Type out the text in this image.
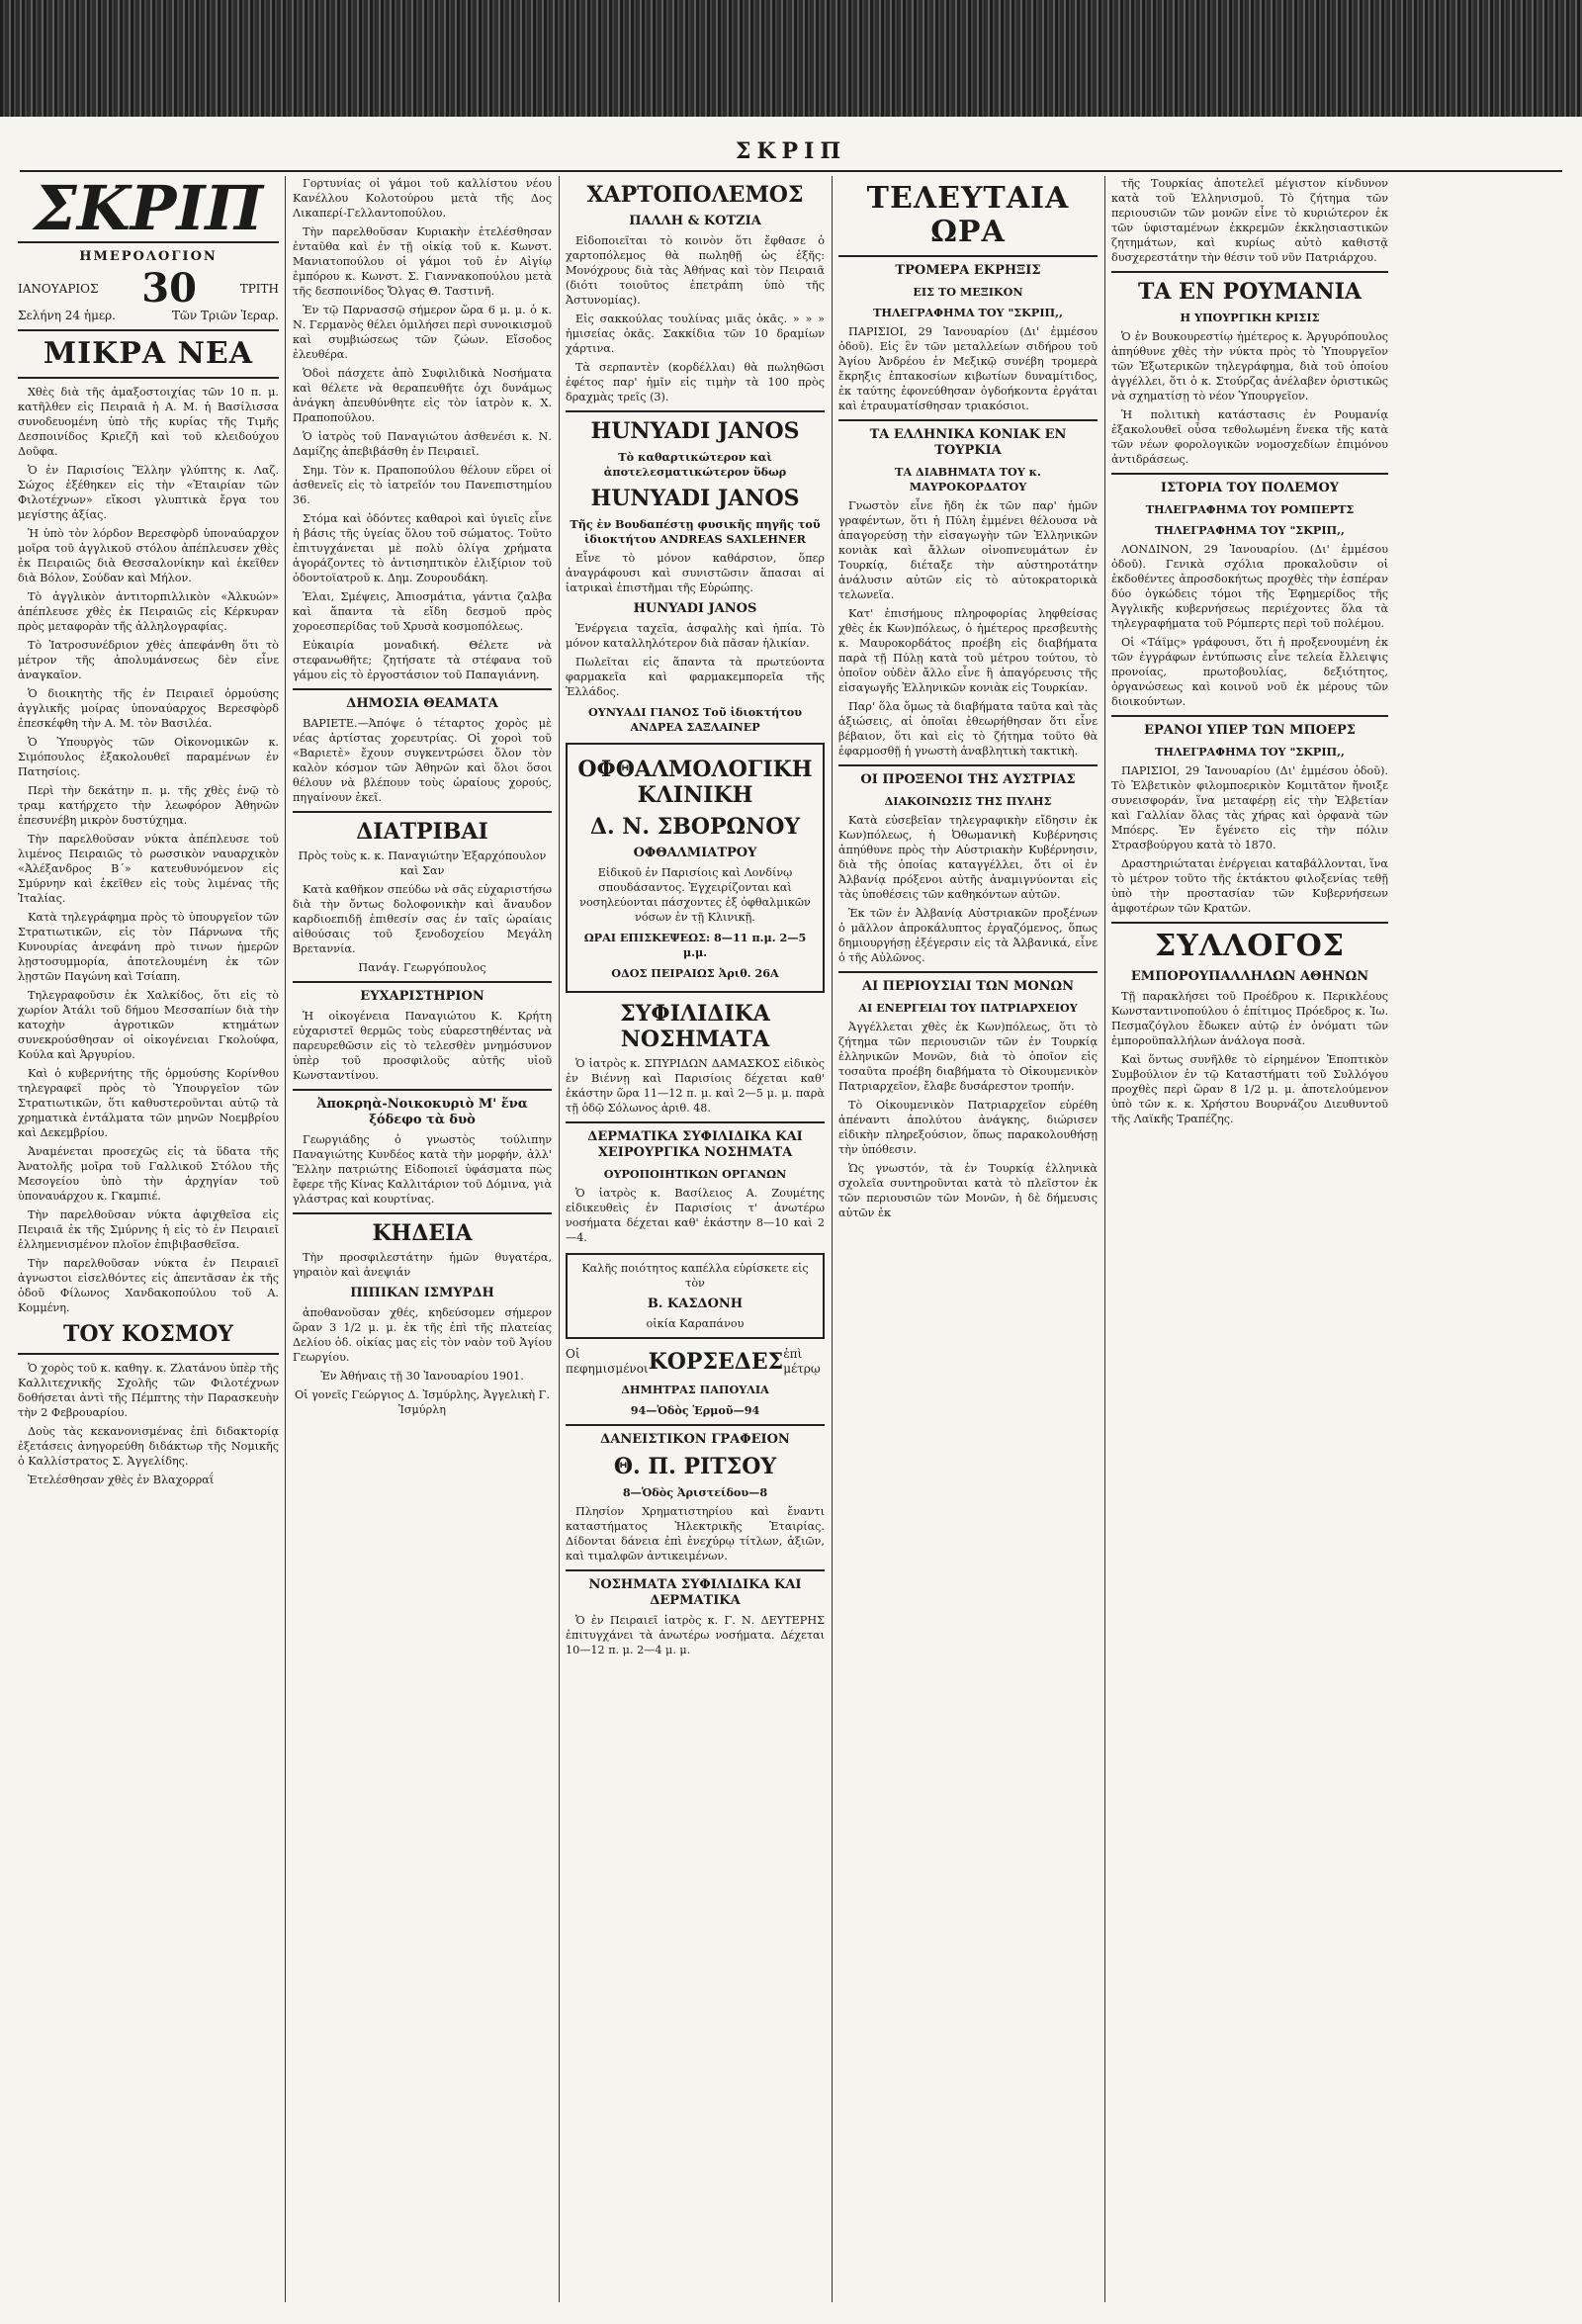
ΣΚΡΙΠ
ΣΚΡΙΠ
ΗΜΕΡΟΛΟΓΙΟΝ
ΙΑΝΟΥΑΡΙΟΣ 30	ΤΡΙΤΗ
Σελήνη 24 ἡμερ.	Τῶν Τριῶν Ἱεραρ.
ΜΙΚΡΑ ΝΕΑ

Χθὲς διὰ τῆς ἀμαξοστοιχίας τῶν 10 π. μ. κατῆλθεν εἰς Πειραιᾶ ἡ Α. Μ. ἡ Βασίλισσα συνοδευομένη ὑπὸ τῆς κυρίας τῆς Τιμῆς Δεσποινίδος Κριεζῆ καὶ τοῦ κλειδούχου Δοῦφα.

Ὁ ἐν Παρισίοις Ἕλλην γλύπτης κ. Λαζ. Σώχος ἐξέθηκεν εἰς τὴν «Ἑταιρίαν τῶν Φιλοτέχνων» εἴκοσι γλυπτικὰ ἔργα του μεγίστης ἀξίας.

Ἡ ὑπὸ τὸν λόρδον Βερεσφὸρδ ὑποναύαρχον μοῖρα τοῦ ἀγγλικοῦ στόλου ἀπέπλευσεν χθὲς ἐκ Πειραιῶς διὰ Θεσσαλονίκην καὶ ἐκεῖθεν διὰ Βόλον, Σούδαν καὶ Μήλον.

Τὸ ἀγγλικὸν ἀντιτορπιλλικὸν «Ἀλκυών» ἀπέπλευσε χθὲς ἐκ Πειραιῶς εἰς Κέρκυραν πρὸς μεταφορὰν τῆς ἀλληλογραφίας.

Τὸ Ἰατροσυνέδριον χθὲς ἀπεφάνθη ὅτι τὸ μέτρον τῆς ἀπολυμάνσεως δὲν εἶνε ἀναγκαῖον.

Ὁ διοικητὴς τῆς ἐν Πειραιεῖ ὁρμούσης ἀγγλικῆς μοίρας ὑποναύαρχος Βερεσφὸρδ ἐπεσκέφθη τὴν Α. Μ. τὸν Βασιλέα.

Ὁ Ὑπουργὸς τῶν Οἰκονομικῶν κ. Σιμόπουλος ἐξακολουθεῖ παραμένων ἐν Πατησίοις.

Περὶ τὴν δεκάτην π. μ. τῆς χθὲς ἐνῷ τὸ τραμ κατήρχετο τὴν λεωφόρον Ἀθηνῶν ἐπεσυνέβη μικρὸν δυστύχημα.

Τὴν παρελθοῦσαν νύκτα ἀπέπλευσε τοῦ λιμένος Πειραιῶς τὸ ρωσσικὸν ναυαρχικὸν «Ἀλέξανδρος Β΄» κατευθυνόμενον εἰς Σμύρνην καὶ ἐκεῖθεν εἰς τοὺς λιμένας τῆς Ἰταλίας.

Κατὰ τηλεγράφημα πρὸς τὸ ὑπουργεῖον τῶν Στρατιωτικῶν, εἰς τὸν Πάρνωνα τῆς Κυνουρίας ἀνεφάνη πρὸ τινων ἡμερῶν λῃστοσυμμορία, ἀποτελουμένη ἐκ τῶν λῃστῶν Παγώνη καὶ Τσίαπη.

Τηλεγραφοῦσιν ἐκ Χαλκίδος, ὅτι εἰς τὸ χωρίον Ἀτάλι τοῦ δήμου Μεσσαπίων διὰ τὴν κατοχὴν ἀγροτικῶν κτημάτων συνεκρούσθησαν οἱ οἰκογένειαι Γκολούφα, Κούλα καὶ Ἀργυρίου.

Καὶ ὁ κυβερνήτης τῆς ὁρμούσης Κορίνθου τηλεγραφεῖ πρὸς τὸ Ὑπουργεῖον τῶν Στρατιωτικῶν, ὅτι καθυστεροῦνται αὐτῷ τὰ χρηματικὰ ἐντάλματα τῶν μηνῶν Νοεμβρίου καὶ Δεκεμβρίου.

Ἀναμένεται προσεχῶς εἰς τὰ ὕδατα τῆς Ἀνατολῆς μοῖρα τοῦ Γαλλικοῦ Στόλου τῆς Μεσογείου ὑπὸ τὴν ἀρχηγίαν τοῦ ὑποναυάρχου κ. Γκαμπιέ.

Τὴν παρελθοῦσαν νύκτα ἀφιχθεῖσα εἰς Πειραιᾶ ἐκ τῆς Σμύρνης ἡ εἰς τὸ ἐν Πειραιεῖ ἑλλημενισμένον πλοῖον ἐπιβιβασθεῖσα.

Τὴν παρελθοῦσαν νύκτα ἐν Πειραιεῖ ἀγνωστοι εἰσελθόντες εἰς ἀπεντᾶσαν ἐκ τῆς ὁδοῦ Φίλωνος Χανδακοπούλου τοῦ Α. Κομμένη.

ΤΟΥ ΚΟΣΜΟΥ

Ὁ χορὸς τοῦ κ. καθηγ. κ. Ζλατάνου ὑπὲρ τῆς Καλλιτεχνικῆς Σχολῆς τῶν Φιλοτέχνων δοθήσεται ἀντὶ τῆς Πέμπτης τὴν Παρασκευὴν τὴν 2 Φεβρουαρίου.

Δοὺς τὰς κεκανονισμένας ἐπὶ διδακτορίᾳ ἐξετάσεις ἀνηγορεύθη διδάκτωρ τῆς Νομικῆς ὁ Καλλίστρατος Σ. Ἀγγελίδης.

Ἐτελέσθησαν χθὲς ἐν Βλαχορραΐ

Γορτυνίας οἱ γάμοι τοῦ καλλίστου νέου Κανέλλου Κολοτούρου μετὰ τῆς Δος Λικαπερί-Γελλαντοπούλου.

Τὴν παρελθοῦσαν Κυριακὴν ἐτελέσθησαν ἐνταῦθα καὶ ἐν τῇ οἰκίᾳ τοῦ κ. Κωνστ. Μανιατοπούλου οἱ γάμοι τοῦ ἐν Αἰγίῳ ἐμπόρου κ. Κωνστ. Σ. Γιαννακοπούλου μετὰ τῆς δεσποινίδος Ὄλγας Θ. Ταστινῆ.

Ἐν τῷ Παρνασσῷ σήμερον ὥρα 6 μ. μ. ὁ κ. Ν. Γερμανὸς θέλει ὁμιλήσει περὶ συνοικισμοῦ καὶ συμβιώσεως τῶν ζώων. Εἴσοδος ἐλευθέρα.

Ὁδοὶ πάσχετε ἀπὸ Συφιλιδικὰ Νοσήματα καὶ θέλετε νὰ θεραπευθῆτε ὀχι δυνάμως ἀνάγκη ἀπευθύνθητε εἰς τὸν ἰατρὸν κ. Χ. Πραποπούλου.

Ὁ ἰατρὸς τοῦ Παναγιώτου ἀσθενέσι κ. Ν. Δαμίζης ἀπεβιβάσθη ἐν Πειραιεῖ.

Σημ. Τὸν κ. Πραποπούλου θέλουν εὕρει οἱ ἀσθενεῖς εἰς τὸ ἰατρεῖόν του Πανεπιστημίου 36.

Στόμα καὶ ὀδόντες καθαροὶ καὶ ὑγιεῖς εἶνε ἡ βάσις τῆς ὑγείας ὅλου τοῦ σώματος. Τοῦτο ἐπιτυγχάνεται μὲ πολὺ ὀλίγα χρήματα ἀγοράζοντες τὸ ἀντισηπτικὸν ἐλιξίριον τοῦ ὀδοντοϊατροῦ κ. Δημ. Ζουρουδάκη.

Ἐλαι, Σμέψεις, Ἀπιοσμάτια, γάντια ζαλβα καὶ ἅπαντα τὰ εἴδη δεσμοῦ πρὸς χοροεσπερίδας τοῦ Χρυσὰ κοσμοπόλεως.

Εὐκαιρία μοναδική. Θέλετε νὰ στεφανωθῆτε; ζητήσατε τὰ στέφανα τοῦ γάμου εἰς τὸ ἐργοστάσιον τοῦ Παπαγιάννη.

ΔΗΜΟΣΙΑ ΘΕΑΜΑΤΑ

ΒΑΡΙΕΤΕ.—Ἀπόψε ὁ τέταρτος χορὸς μὲ νέας ἀρτίστας χορευτρίας. Οἱ χοροὶ τοῦ «Βαριετὲ» ἔχουν συγκεντρώσει ὅλον τὸν καλὸν κόσμον τῶν Ἀθηνῶν καὶ ὅλοι ὅσοι θέλουν νὰ βλέπουν τοὺς ὡραίους χορούς, πηγαίνουν ἐκεῖ.

ΔΙΑΤΡΙΒΑΙ

Πρὸς τοὺς κ. κ. Παναγιώτην Ἐξαρχόπουλον καὶ Σαν

Κατὰ καθῆκον σπεύδω νὰ σᾶς εὐχαριστήσω διὰ τὴν ὄντως δολοφονικὴν καὶ ἄναυδον καρδιοεπιδῇ ἐπιθεσίν σας ἐν ταῖς ὡραίαις αἰθούσαις τοῦ ξενοδοχείου Μεγάλη Βρεταννία.

Πανάγ. Γεωργόπουλος

ΕΥΧΑΡΙΣΤΗΡΙΟΝ

Ἡ οἰκογένεια Παναγιώτου Κ. Κρήτη εὐχαριστεῖ θερμῶς τοὺς εὐαρεστηθέντας νὰ παρευρεθῶσιν εἰς τὸ τελεσθὲν μνημόσυνον ὑπὲρ τοῦ προσφιλοῦς αὐτῆς υἱοῦ Κωνσταντίνου.

Ἀποκρηὰ-Νοικοκυριὸ Μ' ἕνα ξόδεφο τὰ δυὸ

Γεωργιάδης ὁ γνωστὸς τούλιπην Παναγιώτης Κυνδέος κατὰ τὴν μορφήν, ἀλλ' Ἕλλην πατριώτης Εἰδοποιεῖ ὑφάσματα πὼς ἔφερε τῆς Κίνας Καλλιτάριον τοῦ Δόμινα, γιὰ γλάστρας καὶ κουρτίνας.

ΚΗΔΕΙΑ

Τὴν προσφιλεστάτην ἡμῶν θυγατέρα, γηραιὸν καὶ ἀνεψιάν

ΠΙΠΙΚΑΝ ΙΣΜΥΡΔΗ

ἀποθανοῦσαν χθές, κηδεύσομεν σήμερον ὥραν 3 1/2 μ. μ. ἐκ τῆς ἐπὶ τῆς πλατείας Δελίου ὁδ. οἰκίας μας εἰς τὸν ναὸν τοῦ Ἁγίου Γεωργίου.

Ἐν Ἀθήναις τῇ 30 Ἰανουαρίου 1901.

Οἱ γονεῖς Γεώργιος Δ. Ἰσμύρλης, Ἀγγελικὴ Γ. Ἰσμύρλη

ΧΑΡΤΟΠΟΛΕΜΟΣ
ΠΑΛΛΗ & ΚΟΤΖΙΑ

Εἰδοποιεῖται τὸ κοινὸν ὅτι ἔφθασε ὁ χαρτοπόλεμος θὰ πωληθῇ ὡς ἑξῆς: Μονόχρους διὰ τὰς Ἀθήνας καὶ τὸν Πειραιᾶ (διότι τοιοῦτος ἐπετράπη ὑπὸ τῆς Ἀστυνομίας).

Εἰς σακκούλας τουλίνας μιᾶς ὀκᾶς. » » » ἡμισείας ὀκᾶς. Σακκίδια τῶν 10 δραμίων χάρτινα.

Τὰ σερπαντὲν (κορδέλλαι) θὰ πωληθῶσι ἐφέτος παρ' ἡμῖν εἰς τιμὴν τὰ 100 πρὸς δραχμὰς τρεῖς (3).

HUNYADI JANOS
Τὸ καθαρτικώτερον καὶ ἀποτελεσματικώτερον ὕδωρ
HUNYADI JANOS
Τῆς ἐν Βουδαπέστῃ φυσικῆς πηγῆς τοῦ ἰδιοκτήτου ANDREAS SAXLEHNER

Εἶνε τὸ μόνον καθάρσιον, ὅπερ ἀναγράφουσι καὶ συνιστῶσιν ἅπασαι αἱ ἰατρικαὶ ἐπιστῆμαι τῆς Εὐρώπης.

HUNYADI JANOS

Ἐνέργεια ταχεῖα, ἀσφαλὴς καὶ ἠπία. Τὸ μόνον καταλληλότερον διὰ πᾶσαν ἡλικίαν.

Πωλεῖται εἰς ἅπαντα τὰ πρωτεύοντα φαρμακεῖα καὶ φαρμακεμπορεῖα τῆς Ἑλλάδος.

ΟΥΝΥΑΔΙ ΓΙΑΝΟΣ Τοῦ ἰδιοκτήτου ΑΝΔΡΕΑ ΣΑΞΛΑΙΝΕΡ
ΟΦΘΑΛΜΟΛΟΓΙΚΗ ΚΛΙΝΙΚΗ
Δ. Ν. ΣΒΟΡΩΝΟΥ
ΟΦΘΑΛΜΙΑΤΡΟΥ

Εἰδικοῦ ἐν Παρισίοις καὶ Λονδίνῳ σπουδάσαντος. Ἐγχειρίζονται καὶ νοσηλεύονται πάσχοντες ἐξ ὀφθαλμικῶν νόσων ἐν τῇ Κλινικῇ.

ΩΡΑΙ ΕΠΙΣΚΕΨΕΩΣ: 8—11 π.μ. 2—5 μ.μ.
ΟΔΟΣ ΠΕΙΡΑΙΩΣ Ἀριθ. 26Α
ΣΥΦΙΛΙΔΙΚΑ ΝΟΣΗΜΑΤΑ

Ὁ ἰατρὸς κ. ΣΠΥΡΙΔΩΝ ΔΑΜΑΣΚΟΣ εἰδικὸς ἐν Βιέννῃ καὶ Παρισίοις δέχεται καθ' ἑκάστην ὥρα 11—12 π. μ. καὶ 2—5 μ. μ. παρὰ τῇ ὁδῷ Σόλωνος ἀριθ. 48.

ΔΕΡΜΑΤΙΚΑ ΣΥΦΙΛΙΔΙΚΑ ΚΑΙ ΧΕΙΡΟΥΡΓΙΚΑ ΝΟΣΗΜΑΤΑ
ΟΥΡΟΠΟΙΗΤΙΚΩΝ ΟΡΓΑΝΩΝ

Ὁ ἰατρὸς κ. Βασίλειος Α. Ζουμέτης εἰδικευθεὶς ἐν Παρισίοις τ' ἀνωτέρω νοσήματα δέχεται καθ' ἑκάστην 8—10 καὶ 2—4.

Καλῆς ποιότητος καπέλλα εὑρίσκετε εἰς τὸν
Β. ΚΑΣΔΟΝΗ
οἰκία Καραπάνου
Οἱ πεφημισμένοι ΚΟΡΣΕΔΕΣ ἐπὶ μέτρῳ
ΔΗΜΗΤΡΑΣ ΠΑΠΟΥΛΙΑ
94—Ὁδὸς Ἑρμοῦ—94
ΔΑΝΕΙΣΤΙΚΟΝ ΓΡΑΦΕΙΟΝ
Θ. Π. ΡΙΤΣΟΥ
8—Ὁδὸς Ἀριστείδου—8

Πλησίον Χρηματιστηρίου καὶ ἔναντι καταστήματος Ἠλεκτρικῆς Ἑταιρίας. Δίδονται δάνεια ἐπὶ ἐνεχύρῳ τίτλων, ἀξιῶν, καὶ τιμαλφῶν ἀντικειμένων.

ΝΟΣΗΜΑΤΑ ΣΥΦΙΛΙΔΙΚΑ ΚΑΙ ΔΕΡΜΑΤΙΚΑ

Ὁ ἐν Πειραιεῖ ἰατρὸς κ. Γ. Ν. ΔΕΥΤΕΡΗΣ ἐπιτυγχάνει τὰ ἀνωτέρω νοσήματα. Δέχεται 10—12 π. μ. 2—4 μ. μ.

ΤΕΛΕΥΤΑΙΑ ΩΡΑ
ΤΡΟΜΕΡΑ ΕΚΡΗΞΙΣ
ΕΙΣ ΤΟ ΜΕΞΙΚΟΝ
ΤΗΛΕΓΡΑΦΗΜΑ ΤΟΥ "ΣΚΡΙΠ,,

ΠΑΡΙΣΙΟΙ, 29 Ἰανουαρίου (Δι' ἐμμέσου ὁδοῦ). Εἰς ἓν τῶν μεταλλείων σιδήρου τοῦ Ἁγίου Ἀνδρέου ἐν Μεξικῷ συνέβη τρομερὰ ἔκρηξις ἑπτακοσίων κιβωτίων δυναμίτιδος, ἐκ ταύτης ἐφονεύθησαν ὀγδοήκοντα ἐργάται καὶ ἐτραυματίσθησαν τριακόσιοι.

ΤΑ ΕΛΛΗΝΙΚΑ ΚΟΝΙΑΚ ΕΝ ΤΟΥΡΚΙΑ
ΤΑ ΔΙΑΒΗΜΑΤΑ ΤΟΥ κ. ΜΑΥΡΟΚΟΡΔΑΤΟΥ

Γνωστὸν εἶνε ἤδη ἐκ τῶν παρ' ἡμῶν γραφέντων, ὅτι ἡ Πύλη ἐμμένει θέλουσα νὰ ἀπαγορεύσῃ τὴν εἰσαγωγὴν τῶν Ἑλληνικῶν κονιὰκ καὶ ἄλλων οἰνοπνευμάτων ἐν Τουρκίᾳ, διέταξε τὴν αὐστηροτάτην ἀνάλυσιν αὐτῶν εἰς τὸ αὐτοκρατορικὰ τελωνεῖα.

Κατ' ἐπισήμους πληροφορίας ληφθείσας χθὲς ἐκ Κων)πόλεως, ὁ ἡμέτερος πρεσβευτὴς κ. Μαυροκορδάτος προέβη εἰς διαβήματα παρὰ τῇ Πύλῃ κατὰ τοῦ μέτρου τούτου, τὸ ὁποῖον οὐδὲν ἄλλο εἶνε ἢ ἀπαγόρευσις τῆς εἰσαγωγῆς Ἑλληνικῶν κονιὰκ εἰς Τουρκίαν.

Παρ' ὅλα ὅμως τὰ διαβήματα ταῦτα καὶ τὰς ἀξιώσεις, αἱ ὁποῖαι ἐθεωρήθησαν ὅτι εἶνε βέβαιον, ὅτι καὶ εἰς τὸ ζήτημα τοῦτο θὰ ἐφαρμοσθῇ ἡ γνωστὴ ἀναβλητικὴ τακτικὴ.

ΟΙ ΠΡΟΞΕΝΟΙ ΤΗΣ ΑΥΣΤΡΙΑΣ
ΔΙΑΚΟΙΝΩΣΙΣ ΤΗΣ ΠΥΛΗΣ

Κατὰ εὐσεβεῖαν τηλεγραφικὴν εἴδησιν ἐκ Κων)πόλεως, ἡ Ὀθωμανικὴ Κυβέρνησις ἀπηύθυνε πρὸς τὴν Αὐστριακὴν Κυβέρνησιν, διὰ τῆς ὁποίας καταγγέλλει, ὅτι οἱ ἐν Ἀλβανίᾳ πρόξενοι αὐτῆς ἀναμιγνύονται εἰς τὰς ὑποθέσεις τῶν καθηκόντων αὐτῶν.

Ἐκ τῶν ἐν Ἀλβανίᾳ Αὐστριακῶν προξένων ὁ μᾶλλον ἀπροκάλυπτος ἐργαζόμενος, ὅπως δημιουργήσῃ ἐξέγερσιν εἰς τὰ Ἀλβανικά, εἶνε ὁ τῆς Αὐλῶνος.

ΑΙ ΠΕΡΙΟΥΣΙΑΙ ΤΩΝ ΜΟΝΩΝ
ΑΙ ΕΝΕΡΓΕΙΑΙ ΤΟΥ ΠΑΤΡΙΑΡΧΕΙΟΥ

Ἀγγέλλεται χθὲς ἐκ Κων)πόλεως, ὅτι τὸ ζήτημα τῶν περιουσιῶν τῶν ἐν Τουρκίᾳ ἑλληνικῶν Μονῶν, διὰ τὸ ὁποῖον εἰς τοσαῦτα προέβη διαβήματα τὸ Οἰκουμενικὸν Πατριαρχεῖον, ἔλαβε δυσάρεστον τροπήν.

Τὸ Οἰκουμενικὸν Πατριαρχεῖον εὑρέθη ἀπέναντι ἀπολύτου ἀνάγκης, διώρισεν εἰδικὴν πληρεξούσιον, ὅπως παρακολουθήσῃ τὴν ὑπόθεσιν.

Ὡς γνωστόν, τὰ ἐν Τουρκίᾳ ἑλληνικὰ σχολεῖα συντηροῦνται κατὰ τὸ πλεῖστον ἐκ τῶν περιουσιῶν τῶν Μονῶν, ἡ δὲ δήμευσις αὐτῶν ἐκ

τῆς Τουρκίας ἀποτελεῖ μέγιστον κίνδυνον κατὰ τοῦ Ἑλληνισμοῦ. Τὸ ζήτημα τῶν περιουσιῶν τῶν μονῶν εἶνε τὸ κυριώτερον ἐκ τῶν ὑφισταμένων ἐκκρεμῶν ἐκκλησιαστικῶν ζητημάτων, καὶ κυρίως αὐτὸ καθιστᾷ δυσχερεστάτην τὴν θέσιν τοῦ νῦν Πατριάρχου.

ΤΑ ΕΝ ΡΟΥΜΑΝΙΑ
Η ΥΠΟΥΡΓΙΚΗ ΚΡΙΣΙΣ

Ὁ ἐν Βουκουρεστίῳ ἡμέτερος κ. Ἀργυρόπουλος ἀπηύθυνε χθὲς τὴν νύκτα πρὸς τὸ Ὑπουργεῖον τῶν Ἐξωτερικῶν τηλεγράφημα, διὰ τοῦ ὁποίου ἀγγέλλει, ὅτι ὁ κ. Στούρζας ἀνέλαβεν ὁριστικῶς νὰ σχηματίσῃ τὸ νέον Ὑπουργεῖον.

Ἡ πολιτικὴ κατάστασις ἐν Ρουμανίᾳ ἐξακολουθεῖ οὖσα τεθολωμένη ἕνεκα τῆς κατὰ τῶν νέων φορολογικῶν νομοσχεδίων ἐπιμόνου ἀντιδράσεως.

ΙΣΤΟΡΙΑ ΤΟΥ ΠΟΛΕΜΟΥ
ΤΗΛΕΓΡΑΦΗΜΑ ΤΟΥ ΡΟΜΠΕΡΤΣ
ΤΗΛΕΓΡΑΦΗΜΑ ΤΟΥ "ΣΚΡΙΠ,,

ΛΟΝΔΙΝΟΝ, 29 Ἰανουαρίου. (Δι' ἐμμέσου ὁδοῦ). Γενικὰ σχόλια προκαλοῦσιν οἱ ἐκδοθέντες ἀπροσδοκήτως προχθὲς τὴν ἑσπέραν δύο ὀγκώδεις τόμοι τῆς Ἐφημερίδος τῆς Ἀγγλικῆς κυβερνήσεως περιέχοντες ὅλα τὰ τηλεγραφήματα τοῦ Ρόμπερτς περὶ τοῦ πολέμου.

Οἱ «Τάϊμς» γράφουσι, ὅτι ἡ προξενουμένη ἐκ τῶν ἐγγράφων ἐντύπωσις εἶνε τελεία ἔλλειψις προνοίας, πρωτοβουλίας, δεξιότητος, ὀργανώσεως καὶ κοινοῦ νοῦ ἐκ μέρους τῶν διοικούντων.

ΕΡΑΝΟΙ ΥΠΕΡ ΤΩΝ ΜΠΟΕΡΣ
ΤΗΛΕΓΡΑΦΗΜΑ ΤΟΥ "ΣΚΡΙΠ,,

ΠΑΡΙΣΙΟΙ, 29 Ἰανουαρίου (Δι' ἐμμέσου ὁδοῦ). Τὸ Ἑλβετικὸν φιλομποερικὸν Κομιτᾶτον ἤνοιξε συνεισφοράν, ἵνα μεταφέρῃ εἰς τὴν Ἑλβετίαν καὶ Γαλλίαν ὅλας τὰς χήρας καὶ ὀρφανὰ τῶν Μπόερς. Ἐν ἔγένετο εἰς τὴν πόλιν Στρασβούργου κατὰ τὸ 1870.

Δραστηριώταται ἐνέργειαι καταβάλλονται, ἵνα τὸ μέτρον τοῦτο τῆς ἐκτάκτου φιλοξενίας τεθῇ ὑπὸ τὴν προστασίαν τῶν Κυβερνήσεων ἀμφοτέρων τῶν Κρατῶν.

ΣΥΛΛΟΓΟΣ
ΕΜΠΟΡΟΥΠΑΛΛΗΛΩΝ ΑΘΗΝΩΝ

Τῇ παρακλήσει τοῦ Προέδρου κ. Περικλέους Κωνσταντινοπούλου ὁ ἐπίτιμος Πρόεδρος κ. Ἰω. Πεσμαζόγλου ἔδωκεν αὐτῷ ἐν ὀνόματι τῶν ἐμποροϋπαλλήλων ἀνάλογα ποσὰ.

Καὶ ὅντως συνῆλθε τὸ εἰρημένον Ἐποπτικὸν Συμβούλιον ἐν τῷ Καταστήματι τοῦ Συλλόγου προχθὲς περὶ ὥραν 8 1/2 μ. μ. ἀποτελούμενον ὑπὸ τῶν κ. κ. Χρήστου Βουρνάζου Διευθυντοῦ τῆς Λαϊκῆς Τραπέζης.
